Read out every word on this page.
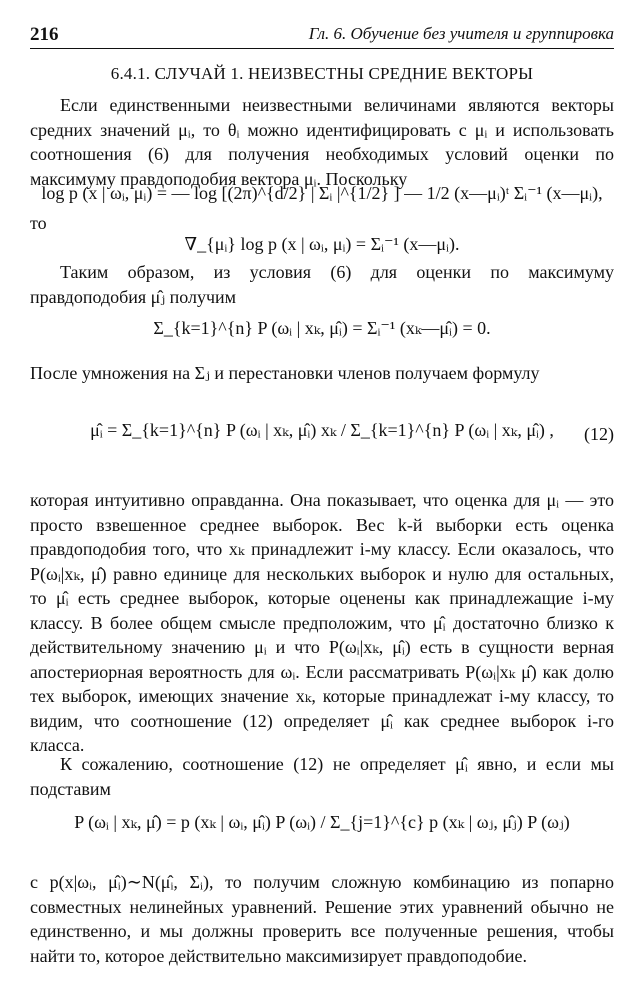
216	Гл. 6. Обучение без учителя и группировка
6.4.1. СЛУЧАЙ 1. НЕИЗВЕСТНЫ СРЕДНИЕ ВЕКТОРЫ

Если единственными неизвестными величинами являются векторы средних значений μᵢ, то θᵢ можно идентифицировать с μᵢ и использовать соотношения (6) для получения необходимых условий оценки по максимуму правдоподобия вектора μᵢ. Поскольку

log p (x | ωᵢ, μᵢ) = — log [(2π)^{d/2} | Σᵢ |^{1/2} ] — 1/2 (x—μᵢ)ᵗ Σᵢ⁻¹ (x—μᵢ),
то
∇_{μᵢ} log p (x | ωᵢ, μᵢ) = Σᵢ⁻¹ (x—μᵢ).

Таким образом, из условия (6) для оценки по максимуму правдоподобия μ̂ⱼ получим

Σ_{k=1}^{n} P (ωᵢ | xₖ, μ̂ᵢ) = Σᵢ⁻¹ (xₖ—μ̂ᵢ) = 0.

После умножения на Σⱼ и перестановки членов получаем формулу

μ̂ᵢ = Σ_{k=1}^{n} P (ωᵢ | xₖ, μ̂ᵢ) xₖ / Σ_{k=1}^{n} P (ωᵢ | xₖ, μ̂ᵢ) ,	(12)

которая интуитивно оправданна. Она показывает, что оценка для μᵢ — это просто взвешенное среднее выборок. Вес k-й выборки есть оценка правдоподобия того, что xₖ принадлежит i-му классу. Если оказалось, что P(ωᵢ|xₖ, μ̂) равно единице для нескольких выборок и нулю для остальных, то μ̂ᵢ есть среднее выборок, которые оценены как принадлежащие i-му классу. В более общем смысле предположим, что μ̂ᵢ достаточно близко к действительному значению μᵢ и что P(ωᵢ|xₖ, μ̂ᵢ) есть в сущности верная апостериорная вероятность для ωᵢ. Если рассматривать P(ωᵢ|xₖ μ̂) как долю тех выборок, имеющих значение xₖ, которые принадлежат i-му классу, то видим, что соотношение (12) определяет μ̂ᵢ как среднее выборок i-го класса.

К сожалению, соотношение (12) не определяет μ̂ᵢ явно, и если мы подставим

P (ωᵢ | xₖ, μ̂) = p (xₖ | ωᵢ, μ̂ᵢ) P (ωᵢ) / Σ_{j=1}^{c} p (xₖ | ωⱼ, μ̂ⱼ) P (ωⱼ)

с p(x|ωᵢ, μ̂ᵢ)∼N(μ̂ᵢ, Σᵢ), то получим сложную комбинацию из попарно совместных нелинейных уравнений. Решение этих уравнений обычно не единственно, и мы должны проверить все полученные решения, чтобы найти то, которое действительно максимизирует правдоподобие.
